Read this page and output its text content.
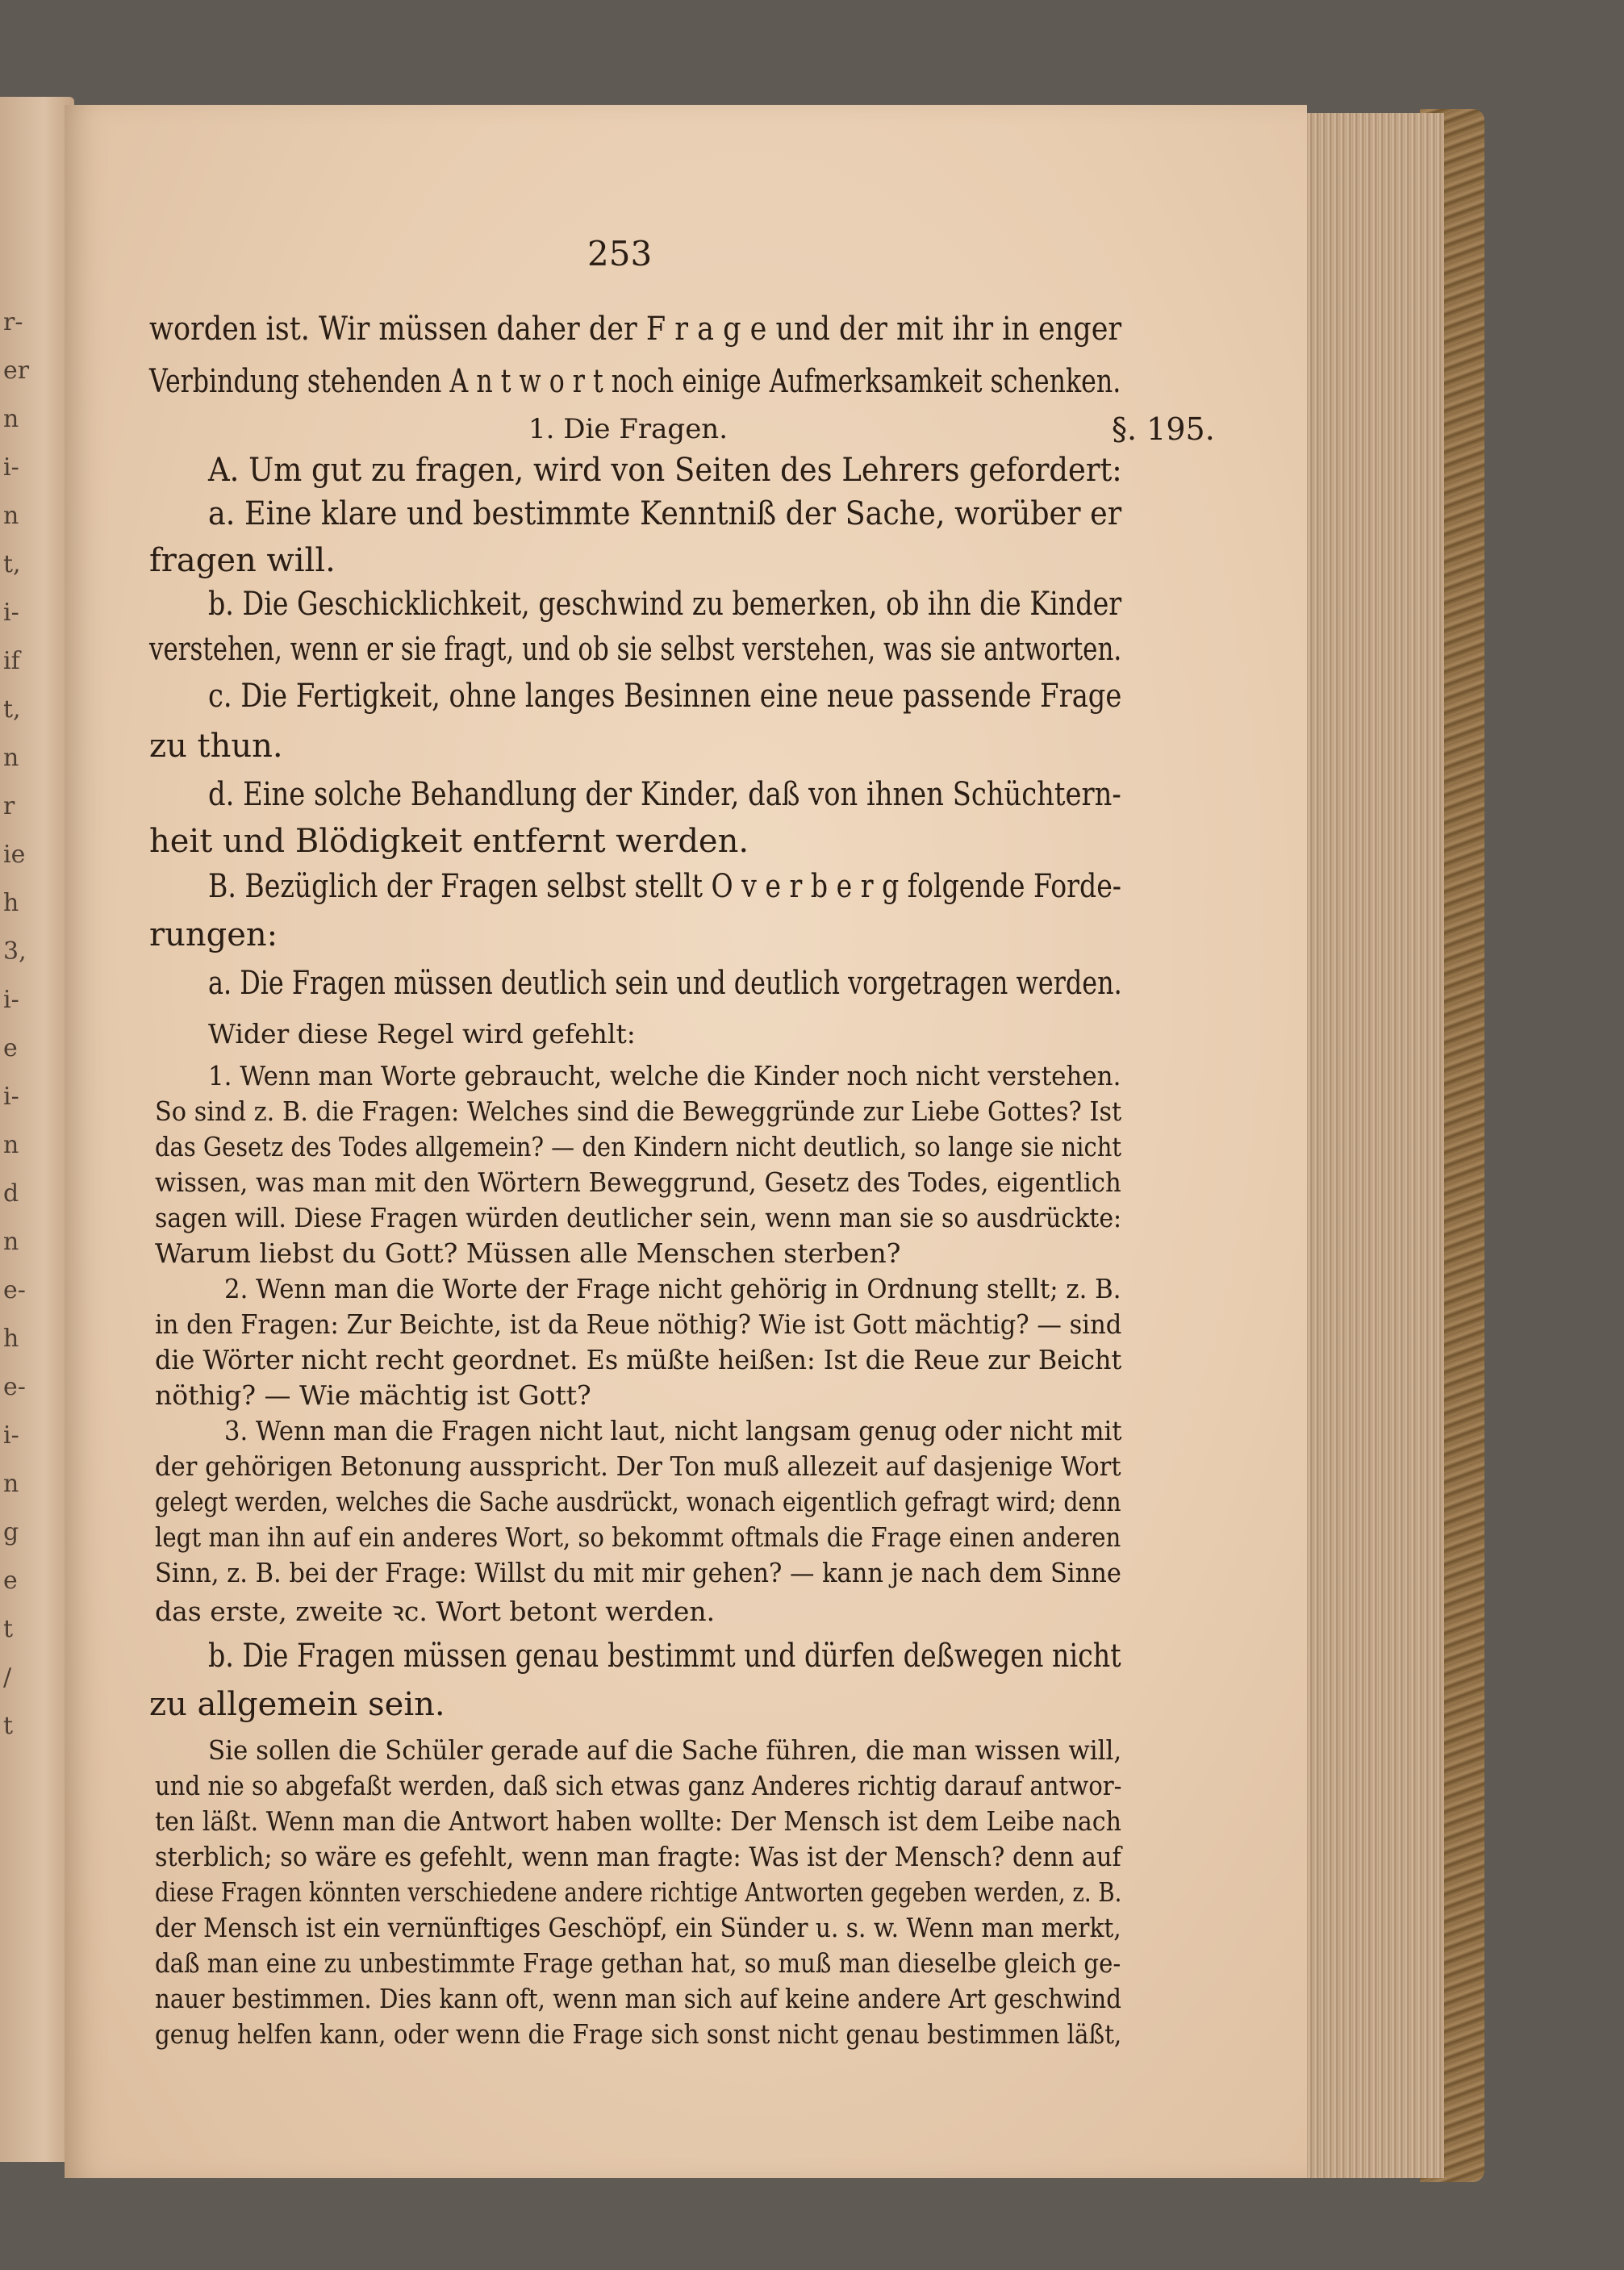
r-
er
n
i-
n
t,
i-
if
t,
n
r
ie
h
3,
i-
e
i-
n
d
n
e-
h
e-
i-
n
g
e
t
/
t
253
§. 195.
worden ist. Wir müssen daher der F r a g e und der mit ihr in enger
Verbindung stehenden A n t w o r t noch einige Aufmerksamkeit schenken.
1. Die Fragen.
A. Um gut zu fragen, wird von Seiten des Lehrers gefordert:
a. Eine klare und bestimmte Kenntniß der Sache, worüber er
fragen will.
b. Die Geschicklichkeit, geschwind zu bemerken, ob ihn die Kinder
verstehen, wenn er sie fragt, und ob sie selbst verstehen, was sie antworten.
c. Die Fertigkeit, ohne langes Besinnen eine neue passende Frage
zu thun.
d. Eine solche Behandlung der Kinder, daß von ihnen Schüchtern-
heit und Blödigkeit entfernt werden.
B. Bezüglich der Fragen selbst stellt O v e r b e r g folgende Forde-
rungen:
a. Die Fragen müssen deutlich sein und deutlich vorgetragen werden.
Wider diese Regel wird gefehlt:
1. Wenn man Worte gebraucht, welche die Kinder noch nicht verstehen.
So sind z. B. die Fragen: Welches sind die Beweggründe zur Liebe Gottes? Ist
das Gesetz des Todes allgemein? — den Kindern nicht deutlich, so lange sie nicht
wissen, was man mit den Wörtern Beweggrund, Gesetz des Todes, eigentlich
sagen will. Diese Fragen würden deutlicher sein, wenn man sie so ausdrückte:
Warum liebst du Gott? Müssen alle Menschen sterben?
2. Wenn man die Worte der Frage nicht gehörig in Ordnung stellt; z. B.
in den Fragen: Zur Beichte, ist da Reue nöthig? Wie ist Gott mächtig? — sind
die Wörter nicht recht geordnet. Es müßte heißen: Ist die Reue zur Beicht
nöthig? — Wie mächtig ist Gott?
3. Wenn man die Fragen nicht laut, nicht langsam genug oder nicht mit
der gehörigen Betonung ausspricht. Der Ton muß allezeit auf dasjenige Wort
gelegt werden, welches die Sache ausdrückt, wonach eigentlich gefragt wird; denn
legt man ihn auf ein anderes Wort, so bekommt oftmals die Frage einen anderen
Sinn, z. B. bei der Frage: Willst du mit mir gehen? — kann je nach dem Sinne
das erste, zweite ꝛc. Wort betont werden.
b. Die Fragen müssen genau bestimmt und dürfen deßwegen nicht
zu allgemein sein.
Sie sollen die Schüler gerade auf die Sache führen, die man wissen will,
und nie so abgefaßt werden, daß sich etwas ganz Anderes richtig darauf antwor-
ten läßt. Wenn man die Antwort haben wollte: Der Mensch ist dem Leibe nach
sterblich; so wäre es gefehlt, wenn man fragte: Was ist der Mensch? denn auf
diese Fragen könnten verschiedene andere richtige Antworten gegeben werden, z. B.
der Mensch ist ein vernünftiges Geschöpf, ein Sünder u. s. w. Wenn man merkt,
daß man eine zu unbestimmte Frage gethan hat, so muß man dieselbe gleich ge-
nauer bestimmen. Dies kann oft, wenn man sich auf keine andere Art geschwind
genug helfen kann, oder wenn die Frage sich sonst nicht genau bestimmen läßt,
